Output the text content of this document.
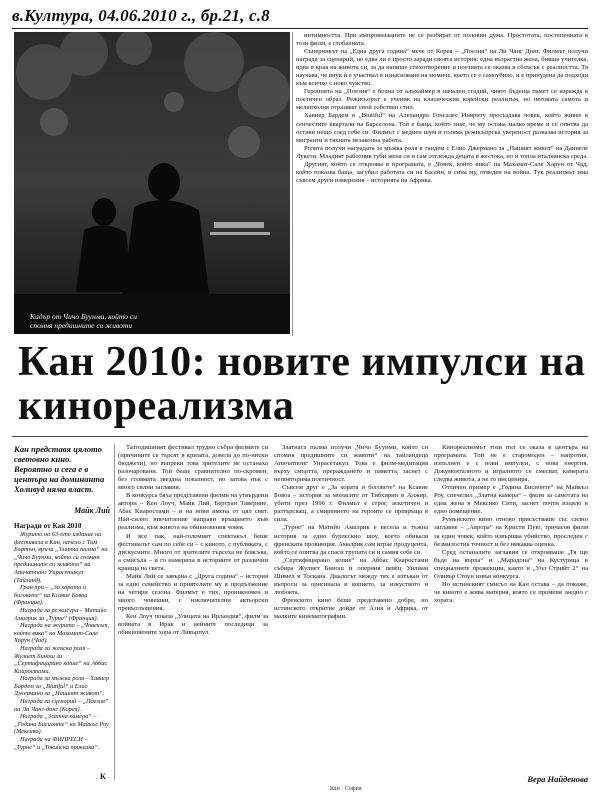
в.Култура, 04.06.2010 г., бр.21, с.8
Кадър от Чичо Буунми, който си спомня предишните си животи

интимността. При импровизациите не се разбират от половин дума. Простотата, постепенната в този филм, е глобалната.

Съперникът на „Една друга година“ мече от Корея – „Поезия“ на Ли Чанг Донг. Филмът получи награда за сценарий, но едва ли е просто заради своята история: една възрастна жена, бивша учителка, идва в края на живота си, за да напише стихотворение и поезията се оказва в сблъсък с реалността. Тя научава, че внук ѝ е участвал в изнасилване на момиче, което се е самоубило, и е принудена да подходи към всичко с ново чувство.

Героинята на „Поезия“ е болна от алцхаймер в начален стадий, чиято бъдеща памет се изражда в поетичен образ. Режисьорът е ученик на класическия корейски реализъм, но неговата самота и меланхолия отразяват свой собствен стил.

Хавиер Бардем в „Biutiful“ на Алехандро Гонсалес Иняриту пресъздава човек, който живее в сенчестите квартали на Барселона. Той е баща, който знае, че му остава малко време и се опитва да остави нещо след себе си. Филмът с медиен шум и голяма режисьорска увереност разказва история за мигранти и тяхната незаконна работа.

Ролята получи наградата за мъжка роля в тандем с Елио Джермано за „Нашият живот“ на Даниеле Лукети. Младият работник губи жена си и сам отглежда децата в жестока, но и топла италианска среда.

Другият, който се откроява в програмата, е „Човек, който вика“ на Махамат-Сале Харун от Чад, който показва баща, загубил работата си на басейн, и сина му, отведен на война. Тук реализмът има съвсем други измерения – историята на Африка.

Кан 2010: новите импулси на кинореализма
Кан представя цялото световно кино. Вероятно и сега е в центъра на доминанта Холивуд няма власт.
Майк Лий
Награди от Кан 2010

Журито на 63-ото издание на фестивала в Кан, начело с Тим Бъртън, връчи „Златна палма“ на „Чичо Буунми, който си спомня предишните си животи“ на Апичатпонг Уирасетакул (Тайланд).

Гран при – „За хората и боговете“ на Ксавие Бовоа (Франция).

Награда за режисура – Матийо Амалрик за „Турне“ (Франция).

Награда на журито – „Човекът, който вика“ на Махамат-Сале Харун (Чад).

Награда за женска роля – Жулиет Бинош за „Сертифицирано копие“ на Аббас Киаростами.

Награда за мъжка роля – Хавиер Бардем за „Biutiful“ и Елио Джермано за „Нашият живот“.

Награда за сценарий – „Поезия“ на Ли Чанг-донг (Корея).

Награда „Златна камера“ – „Година Бисионте“ на Майкъл Роу (Мексико).

Награда на ФИПРЕСИ – „Турне“ и „Токийска приказка“.

К

Тазгодишният фестивал трудно събра филмите си (причините се търсят в кризата, довела до по-ниски бюджети), но въпреки това зрителите не останаха разочаровани. Той беше сравнително по-скромен, без голямата звездна показност, но затова пък с много силни заглавия.

В конкурса бяха представени филми на утвърдени автори – Кен Лоуч, Майк Лий, Бертран Таверние, Абас Киаростами – и на нови имена от цял свят. Най-силно впечатление направи връщането към реализма, към живота на обикновения човек.

И все пак, най-големият спектакъл беше фестивалът сам по себе си – с киното, с публиката, с дискусиите. Много от зрителите търсеха не блясъка, а смисъла – и го намериха в историите от различни краища на света.

Майк Лий се завърна с „Друга година“ – история за едно семейство и приятелите му в продължение на четири сезона. Филмът е тих, проникновен и много човешки, с изключителни актьорски превъплъщения.

Кен Лоуч показа „Улицата на Ирландия“, филм за войната в Ирак и нейните последици за обикновените хора от Ливърпул.

Златната палма получи „Чичо Буунми, който си спомня предишните си животи“ на тайландеца Апичатпонг Уирасетакул. Това е филм-медитация върху смъртта, прераждането и паметта, заснет с неповторима поетичност.

Съвсем друг е „За хората и боговете“ на Ксавие Бовоа – история за монасите от Тибхирин в Алжир, убити през 1996 г. Филмът е строг, аскетичен и разтърсващ, а смирението на героите се превръща в сила.

„Турне“ на Матийо Амалрик е весела и тъжна история за едно бурлескно шоу, което обикаля френската провинция. Амалрик сам играе продуцента, който се опитва да спаси трупата си и самия себе си.

„Сертифицирано копие“ на Аббас Киаростами събира Жулиет Бинош и оперния певец Уилиам Шимел в Тоскана. Диалогът между тях е изтъкан от въпроси за оригинала и копието, за изкуството и любовта.

Френското кино беше представено добре, но истинското откритие дойде от Азия и Африка, от малките кинематографии.

Кинореализмът този път се оказа в центъра на програмата. Той не е старомоден – напротив, изпълнен е с нови импулси, с нова енергия. Документалното и игралното се смесват, камерата следва живота, а не го инсценира.

Отличен пример е „Година Бисионте“ на Майкъл Роу, спечелил „Златна камера“ – филм за самотата на една жена в Мексико Сити, заснет почти изцяло в едно помещение.

Румънското кино отново присъстваше със силно заглавие – „Аврора“ на Кристи Пую, тричасов филм за един човек, който извършва убийство, проследен с безмилостна точност и без никаква оценка.

Сред останалите заглавия се открояваше „Тя ще бъде на върха“ и „Марадона“ на Кустурица в специалните прожекции, както и „Уол Стрийт 2“ на Оливър Стоун извън конкурса.

Но истинският смисъл на Кан остава – да покаже, че киното е жива материя, която се променя заедно с хората.

Вера Найденова
Кан · София
